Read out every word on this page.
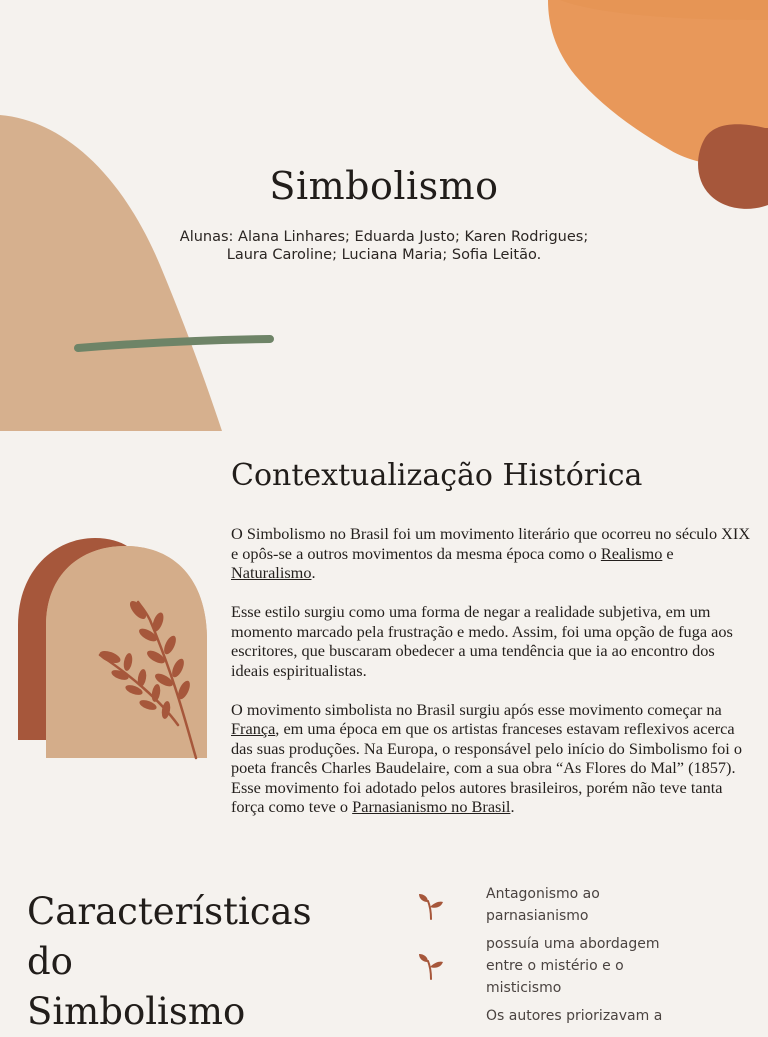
Simbolismo
Alunas: Alana Linhares; Eduarda Justo; Karen Rodrigues;
Laura Caroline; Luciana Maria; Sofia Leitão.
Contextualização Histórica

O Simbolismo no Brasil foi um movimento literário que ocorreu no século XIX e opôs-se a outros movimentos da mesma época como o Realismo e Naturalismo.

Esse estilo surgiu como uma forma de negar a realidade subjetiva, em um momento marcado pela frustração e medo. Assim, foi uma opção de fuga aos escritores, que buscaram obedecer a uma tendência que ia ao encontro dos ideais espiritualistas.

O movimento simbolista no Brasil surgiu após esse movimento começar na França, em uma época em que os artistas franceses estavam reflexivos acerca das suas produções. Na Europa, o responsável pelo início do Simbolismo foi o poeta francês Charles Baudelaire, com a sua obra “As Flores do Mal” (1857). Esse movimento foi adotado pelos autores brasileiros, porém não teve tanta força como teve o Parnasianismo no Brasil.

Características
do
Simbolismo
Antagonismo ao parnasianismo
possuía uma abordagem entre o mistério e o misticismo
Os autores priorizavam a
